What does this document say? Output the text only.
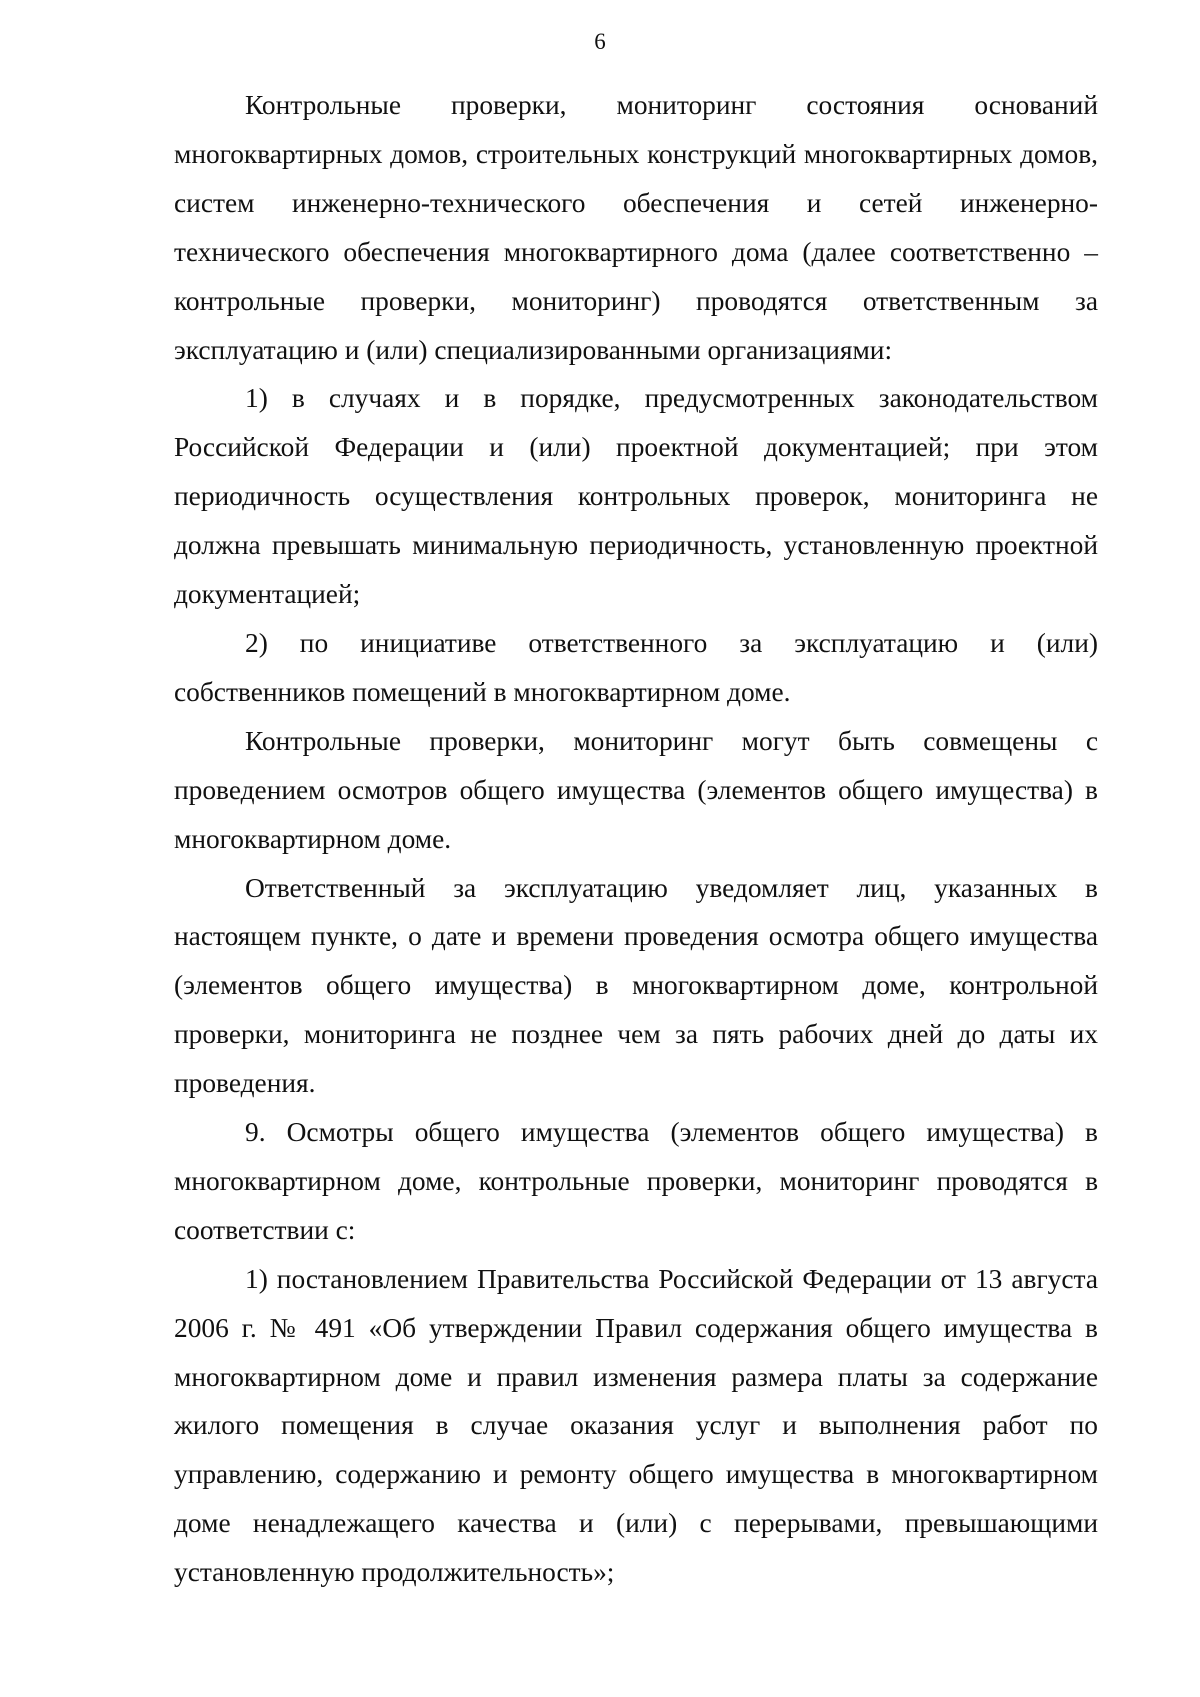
6

Контрольные проверки, мониторинг состояния оснований многоквартирных домов, строительных конструкций многоквартирных домов, систем инженерно-технического обеспечения и сетей инженерно-технического обеспечения многоквартирного дома (далее соответственно – контрольные проверки, мониторинг) проводятся ответственным за эксплуатацию и (или) специализированными организациями:

1) в случаях и в порядке, предусмотренных законодательством Российской Федерации и (или) проектной документацией; при этом периодичность осуществления контрольных проверок, мониторинга не должна превышать минимальную периодичность, установленную проектной документацией;

2) по инициативе ответственного за эксплуатацию и (или) собственников помещений в многоквартирном доме.

Контрольные проверки, мониторинг могут быть совмещены с проведением осмотров общего имущества (элементов общего имущества) в многоквартирном доме.

Ответственный за эксплуатацию уведомляет лиц, указанных в настоящем пункте, о дате и времени проведения осмотра общего имущества (элементов общего имущества) в многоквартирном доме, контрольной проверки, мониторинга не позднее чем за пять рабочих дней до даты их проведения.

9. Осмотры общего имущества (элементов общего имущества) в многоквартирном доме, контрольные проверки, мониторинг проводятся в соответствии с:

1) постановлением Правительства Российской Федерации от 13 августа 2006 г. № 491 «Об утверждении Правил содержания общего имущества в многоквартирном доме и правил изменения размера платы за содержание жилого помещения в случае оказания услуг и выполнения работ по управлению, содержанию и ремонту общего имущества в многоквартирном доме ненадлежащего качества и (или) с перерывами, превышающими установленную продолжительность»;
